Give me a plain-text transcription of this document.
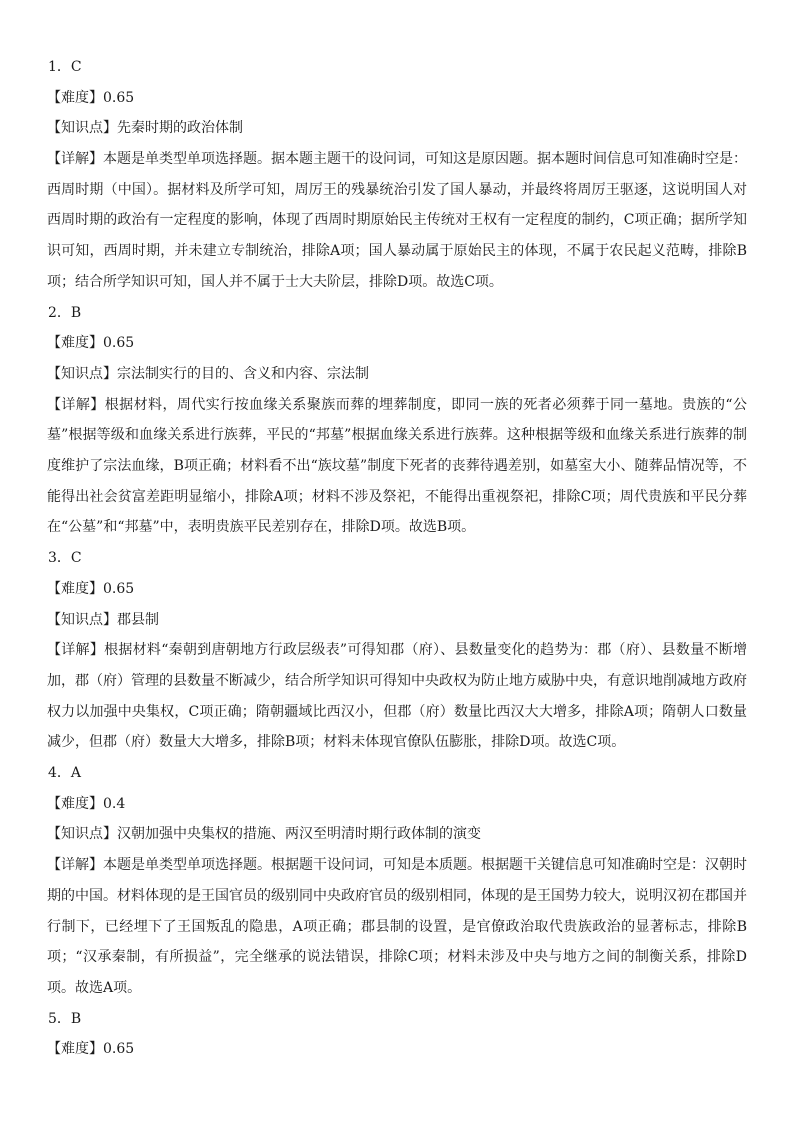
1．C
【难度】0.65
【知识点】先秦时期的政治体制
【详解】本题是单类型单项选择题。据本题主题干的设问词，可知这是原因题。据本题时间信息可知准确时空是：西周时期（中国）。据材料及所学可知，周厉王的残暴统治引发了国人暴动，并最终将周厉王驱逐，这说明国人对西周时期的政治有一定程度的影响，体现了西周时期原始民主传统对王权有一定程度的制约，C项正确；据所学知识可知，西周时期，并未建立专制统治，排除A项；国人暴动属于原始民主的体现，不属于农民起义范畴，排除B项；结合所学知识可知，国人并不属于士大夫阶层，排除D项。故选C项。
2．B
【难度】0.65
【知识点】宗法制实行的目的、含义和内容、宗法制
【详解】根据材料，周代实行按血缘关系聚族而葬的埋葬制度，即同一族的死者必须葬于同一墓地。贵族的“公墓”根据等级和血缘关系进行族葬，平民的“邦墓”根据血缘关系进行族葬。这种根据等级和血缘关系进行族葬的制度维护了宗法血缘，B项正确；材料看不出“族坟墓”制度下死者的丧葬待遇差别，如墓室大小、随葬品情况等，不能得出社会贫富差距明显缩小，排除A项；材料不涉及祭祀，不能得出重视祭祀，排除C项；周代贵族和平民分葬在“公墓”和“邦墓”中，表明贵族平民差别存在，排除D项。故选B项。
3．C
【难度】0.65
【知识点】郡县制
【详解】根据材料“秦朝到唐朝地方行政层级表”可得知郡（府）、县数量变化的趋势为：郡（府）、县数量不断增加，郡（府）管理的县数量不断减少，结合所学知识可得知中央政权为防止地方威胁中央，有意识地削减地方政府权力以加强中央集权，C项正确；隋朝疆域比西汉小，但郡（府）数量比西汉大大增多，排除A项；隋朝人口数量减少，但郡（府）数量大大增多，排除B项；材料未体现官僚队伍膨胀，排除D项。故选C项。
4．A
【难度】0.4
【知识点】汉朝加强中央集权的措施、两汉至明清时期行政体制的演变
【详解】本题是单类型单项选择题。根据题干设问词，可知是本质题。根据题干关键信息可知准确时空是：汉朝时期的中国。材料体现的是王国官员的级别同中央政府官员的级别相同，体现的是王国势力较大，说明汉初在郡国并行制下，已经埋下了王国叛乱的隐患，A项正确；郡县制的设置，是官僚政治取代贵族政治的显著标志，排除B项；“汉承秦制，有所损益”，完全继承的说法错误，排除C项；材料未涉及中央与地方之间的制衡关系，排除D项。故选A项。
5．B
【难度】0.65
